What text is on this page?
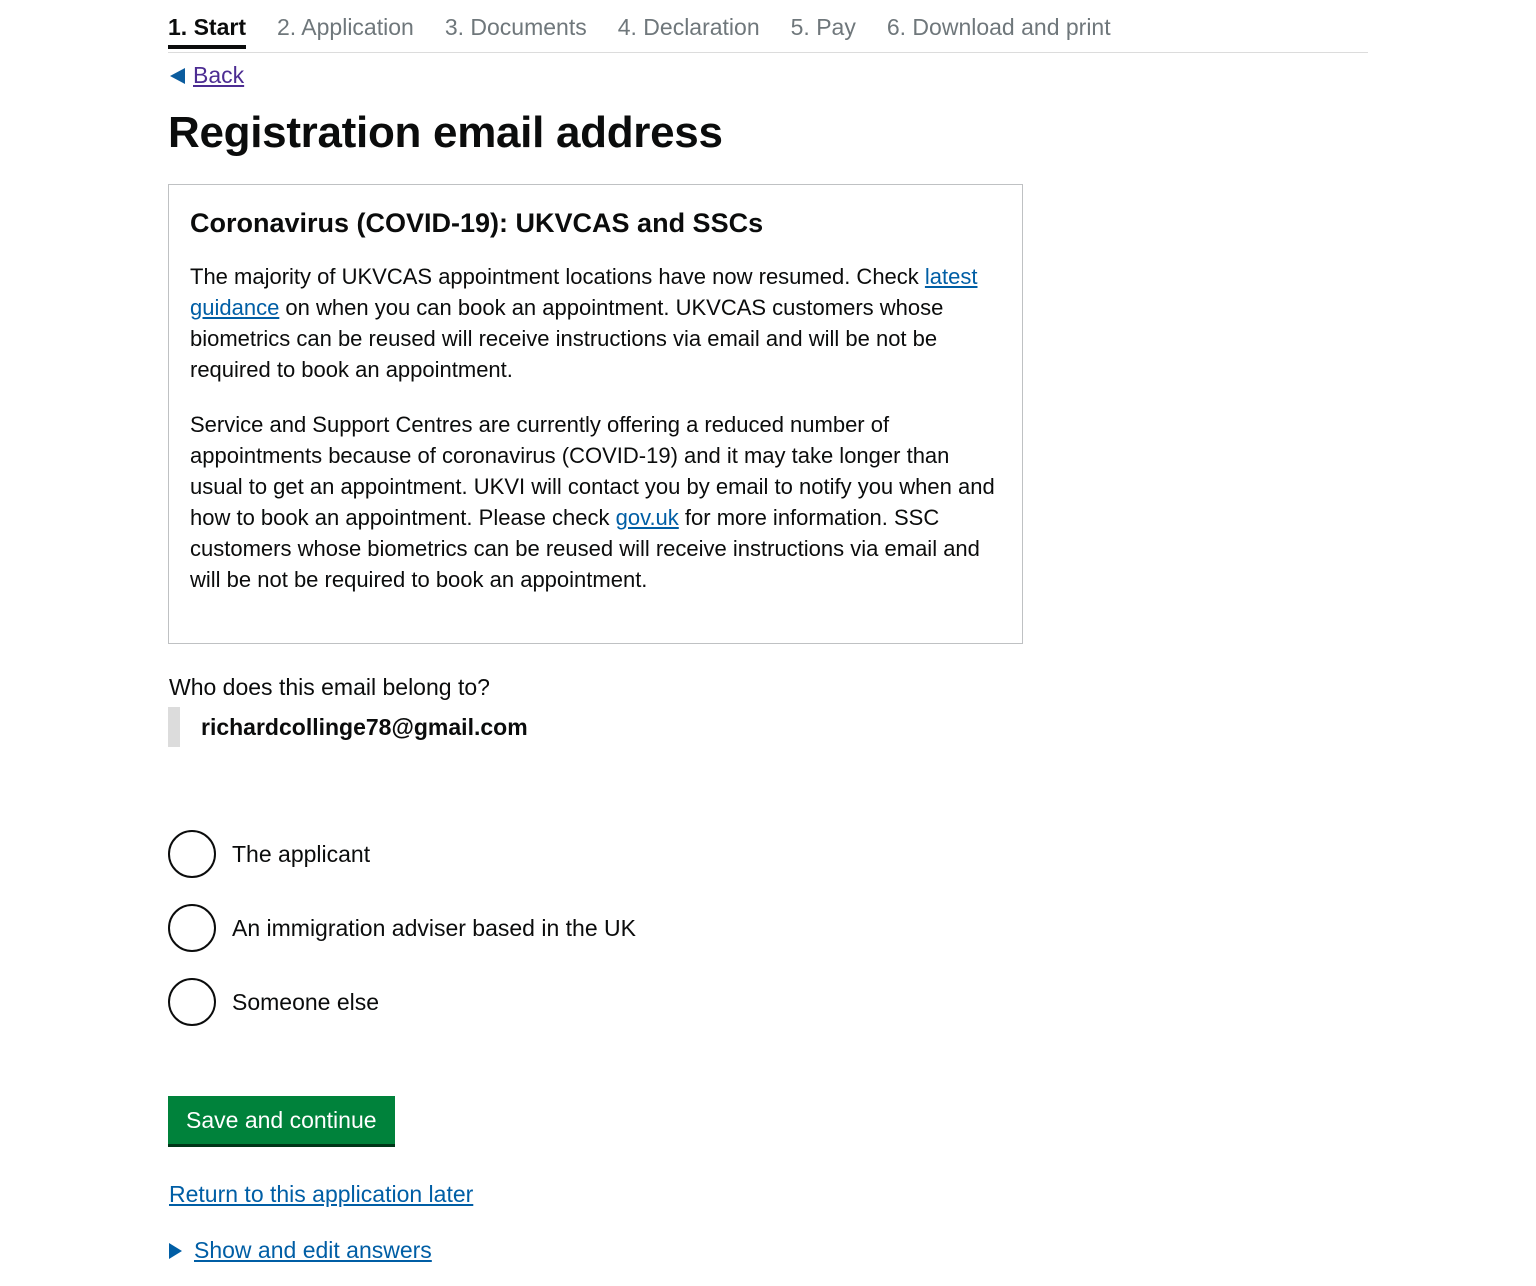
1. Start 2. Application 3. Documents 4. Declaration 5. Pay 6. Download and print
Back
Registration email address
Coronavirus (COVID-19): UKVCAS and SSCs

The majority of UKVCAS appointment locations have now resumed. Check latest guidance on when you can book an appointment. UKVCAS customers whose biometrics can be reused will receive instructions via email and will be not be required to book an appointment.

Service and Support Centres are currently offering a reduced number of appointments because of coronavirus (COVID-19) and it may take longer than usual to get an appointment. UKVI will contact you by email to notify you when and how to book an appointment. Please check gov.uk for more information. SSC customers whose biometrics can be reused will receive instructions via email and will be not be required to book an appointment.

Who does this email belong to?
richardcollinge78@gmail.com
The applicant
An immigration adviser based in the UK
Someone else
Save and continue
Return to this application later
Show and edit answers
